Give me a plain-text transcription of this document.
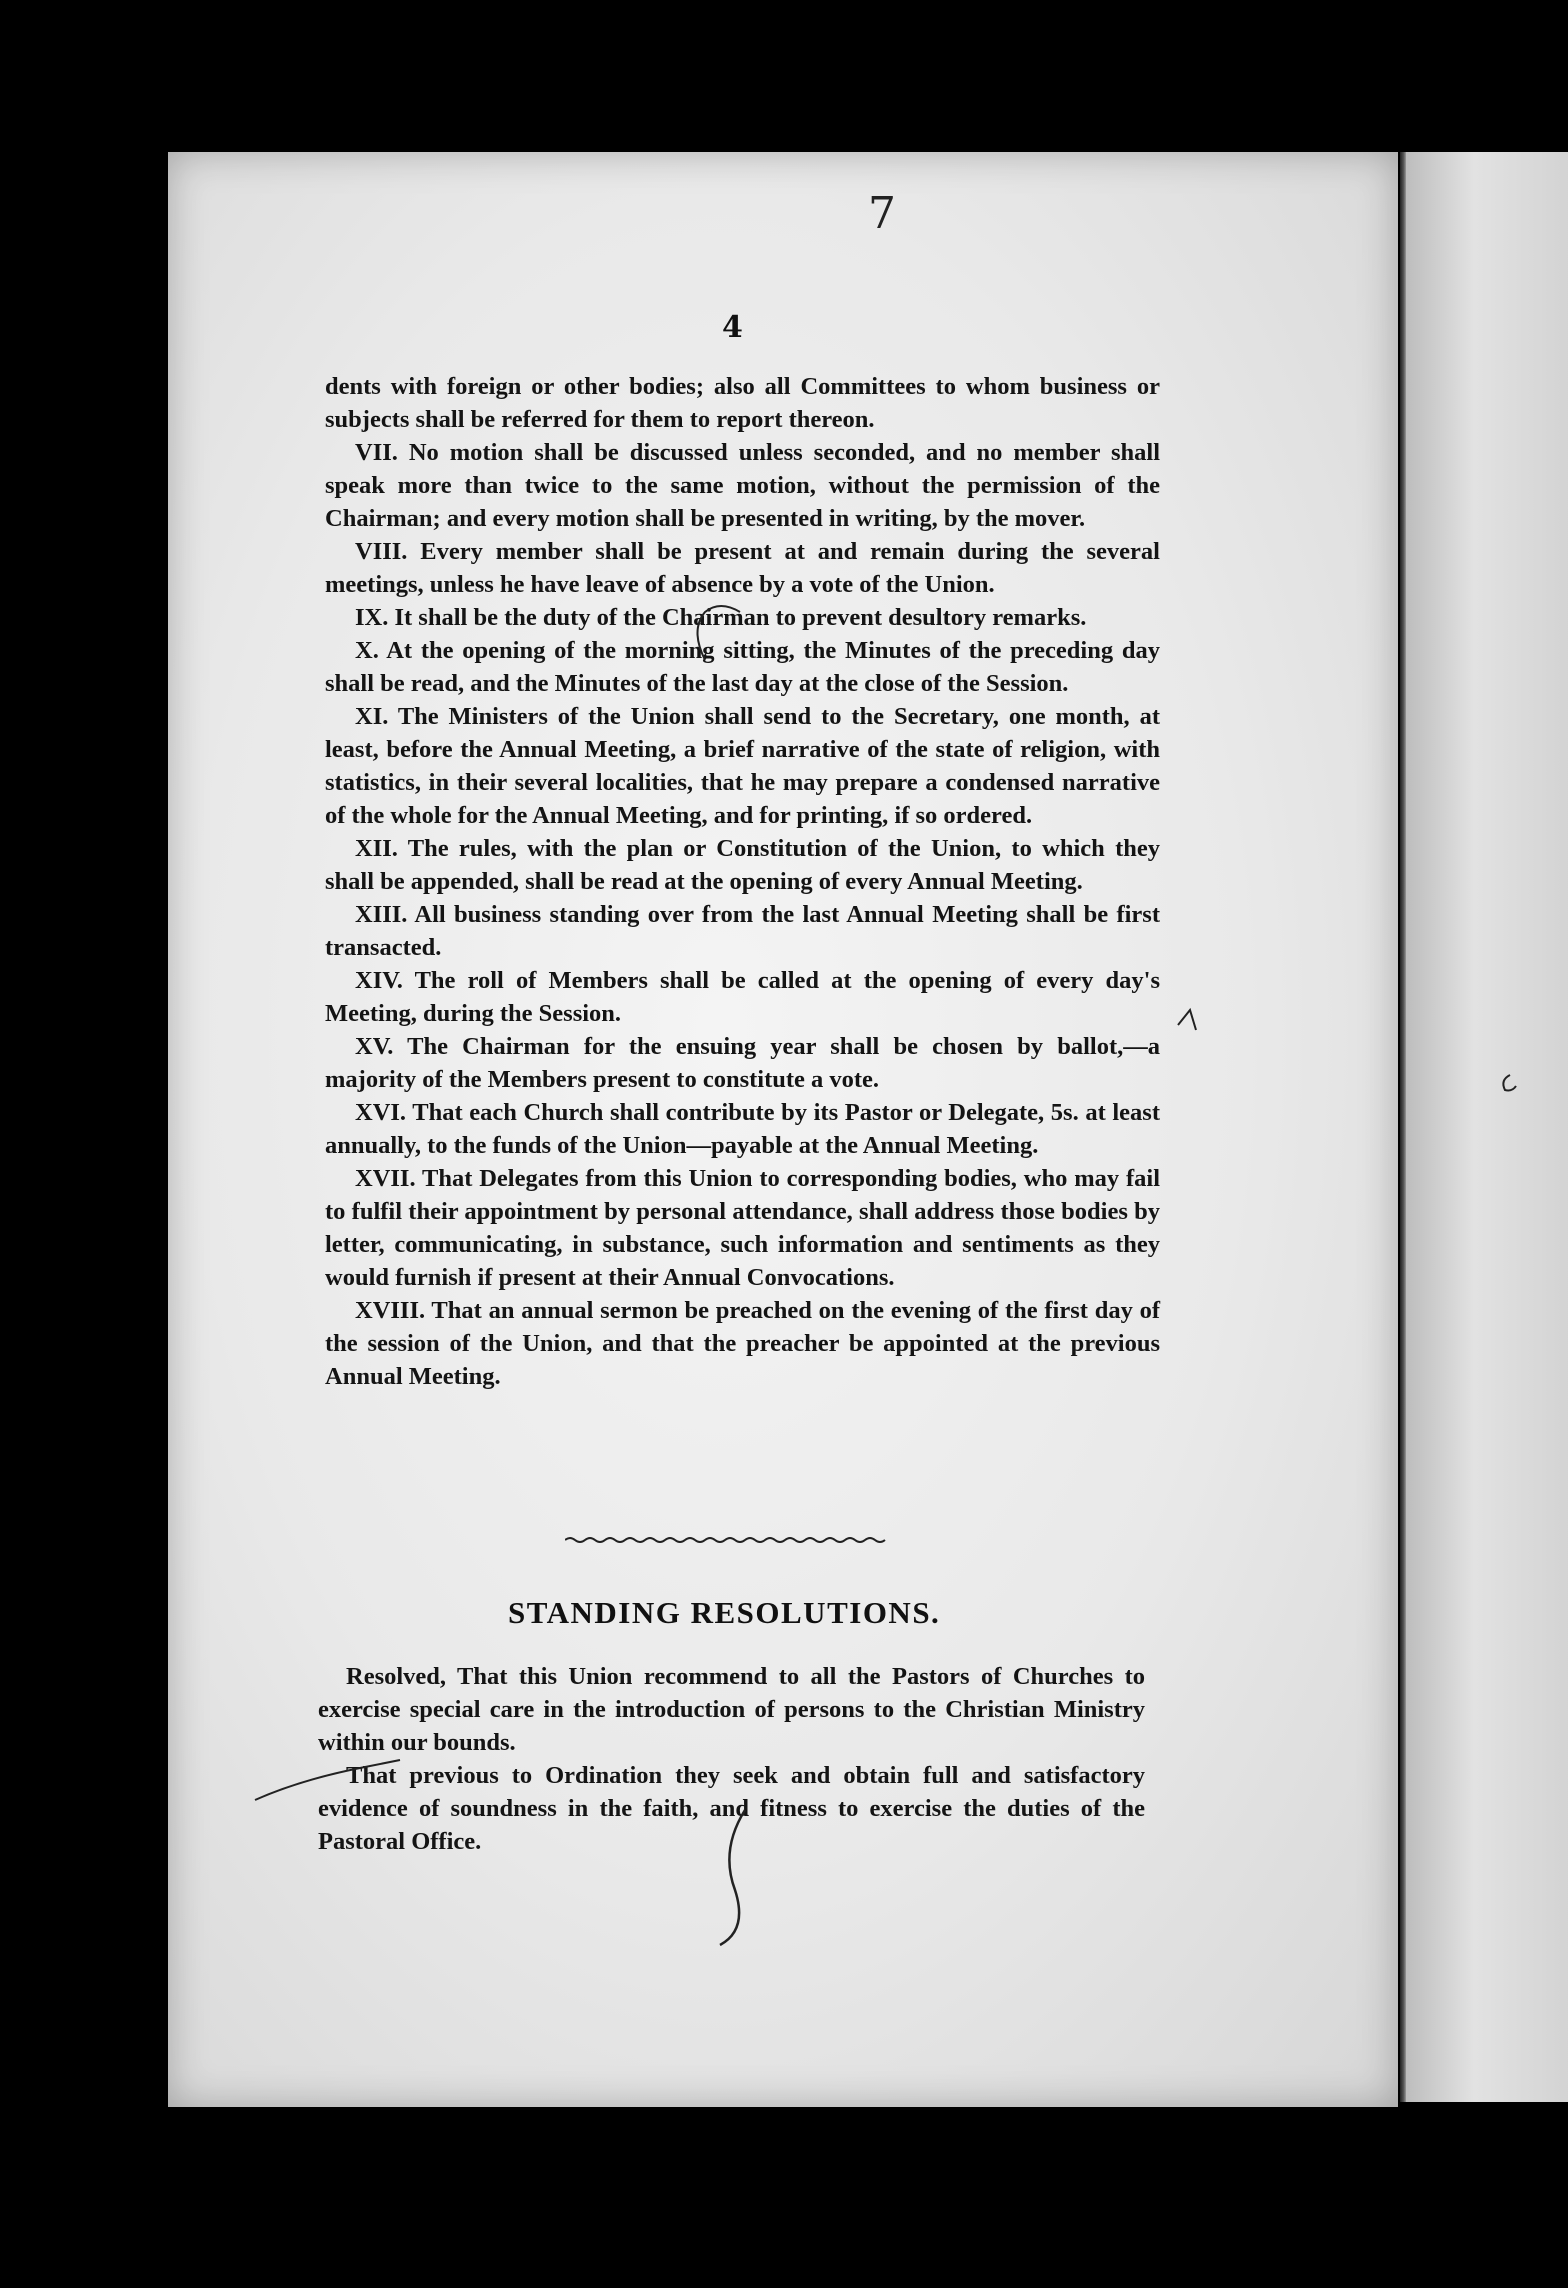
7
4

dents with foreign or other bodies; also all Committees to whom business or subjects shall be referred for them to report thereon.

VII. No motion shall be discussed unless seconded, and no member shall speak more than twice to the same motion, without the permission of the Chairman; and every motion shall be presented in writing, by the mover.

VIII. Every member shall be present at and remain during the several meetings, unless he have leave of absence by a vote of the Union.

IX. It shall be the duty of the Chairman to prevent desultory remarks.

X. At the opening of the morning sitting, the Minutes of the preceding day shall be read, and the Minutes of the last day at the close of the Session.

XI. The Ministers of the Union shall send to the Secretary, one month, at least, before the Annual Meeting, a brief narrative of the state of religion, with statistics, in their several localities, that he may prepare a condensed narrative of the whole for the Annual Meeting, and for printing, if so ordered.

XII. The rules, with the plan or Constitution of the Union, to which they shall be appended, shall be read at the opening of every Annual Meeting.

XIII. All business standing over from the last Annual Meeting shall be first transacted.

XIV. The roll of Members shall be called at the opening of every day's Meeting, during the Session.

XV. The Chairman for the ensuing year shall be chosen by ballot,—a majority of the Members present to constitute a vote.

XVI. That each Church shall contribute by its Pastor or Delegate, 5s. at least annually, to the funds of the Union—payable at the Annual Meeting.

XVII. That Delegates from this Union to corresponding bodies, who may fail to fulfil their appointment by personal attendance, shall address those bodies by letter, communicating, in substance, such information and sentiments as they would furnish if present at their Annual Convocations.

XVIII. That an annual sermon be preached on the evening of the first day of the session of the Union, and that the preacher be appointed at the previous Annual Meeting.

STANDING RESOLUTIONS.

Resolved, That this Union recommend to all the Pastors of Churches to exercise special care in the introduction of persons to the Christian Ministry within our bounds.

That previous to Ordination they seek and obtain full and satisfactory evidence of soundness in the faith, and fitness to exercise the duties of the Pastoral Office.
